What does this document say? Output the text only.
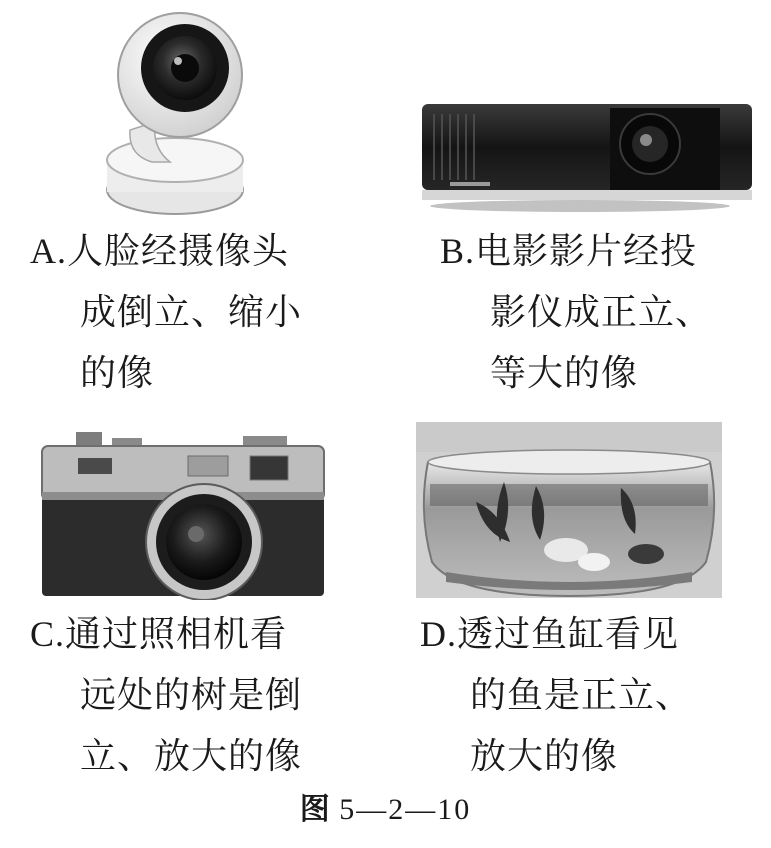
A.人脸经摄像头
成倒立、缩小
的像
B.电影影片经投
影仪成正立、
等大的像
C.通过照相机看
远处的树是倒
立、放大的像
D.透过鱼缸看见
的鱼是正立、
放大的像
图 5—2—10
